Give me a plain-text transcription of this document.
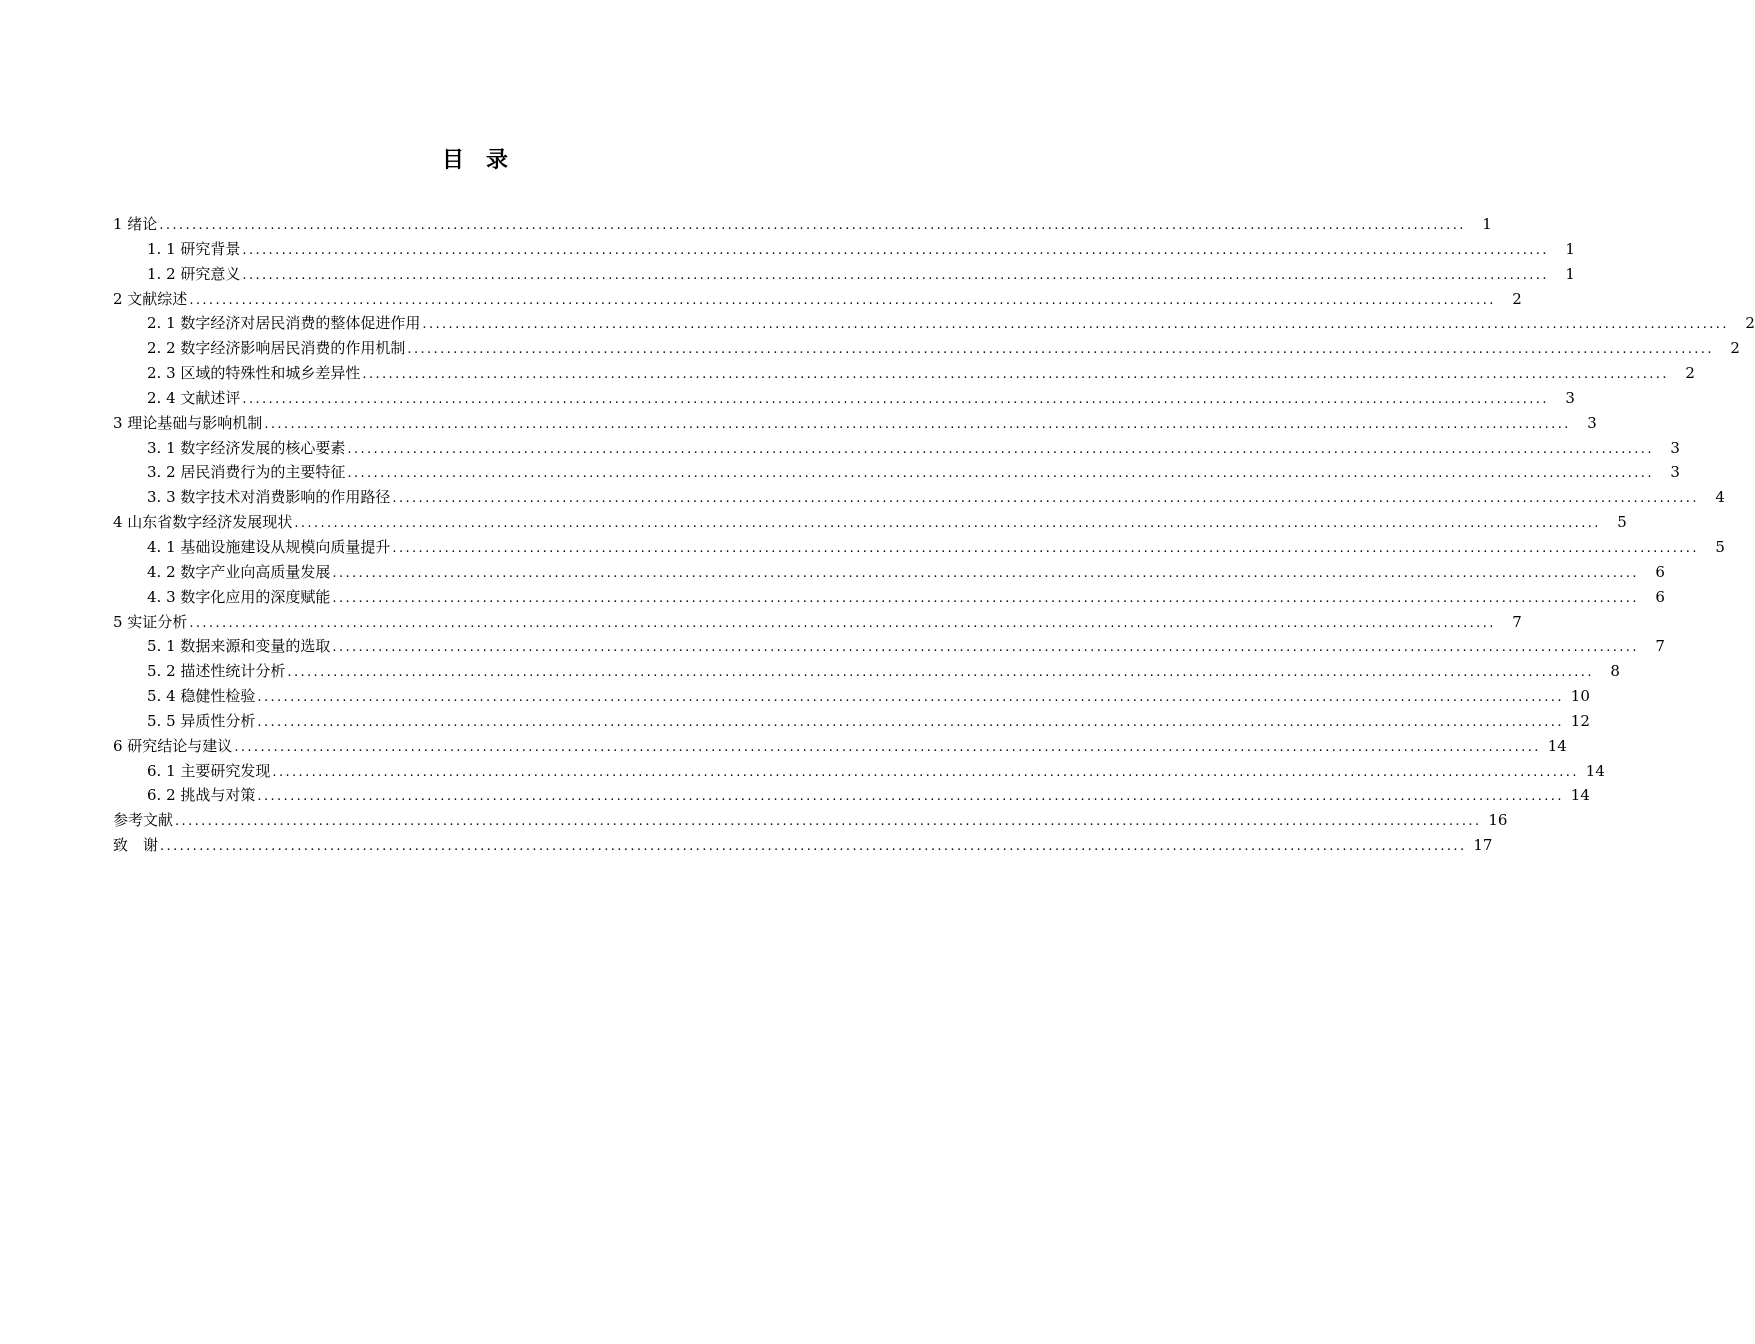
目　录
1 绪论 ........................................................................................................................................................................................................	1
1. 1 研究背景 ........................................................................................................................................................................................................	1
1. 2 研究意义 ........................................................................................................................................................................................................	1
2 文献综述 ........................................................................................................................................................................................................	2
2. 1 数字经济对居民消费的整体促进作用 ........................................................................................................................................................................................................	2
2. 2 数字经济影响居民消费的作用机制 ........................................................................................................................................................................................................	2
2. 3 区域的特殊性和城乡差异性 ........................................................................................................................................................................................................	2
2. 4 文献述评 ........................................................................................................................................................................................................	3
3 理论基础与影响机制 ........................................................................................................................................................................................................	3
3. 1 数字经济发展的核心要素 ........................................................................................................................................................................................................	3
3. 2 居民消费行为的主要特征 ........................................................................................................................................................................................................	3
3. 3 数字技术对消费影响的作用路径 ........................................................................................................................................................................................................	4
4 山东省数字经济发展现状 ........................................................................................................................................................................................................	5
4. 1 基础设施建设从规模向质量提升 ........................................................................................................................................................................................................	5
4. 2 数字产业向高质量发展 ........................................................................................................................................................................................................	6
4. 3 数字化应用的深度赋能 ........................................................................................................................................................................................................	6
5 实证分析 ........................................................................................................................................................................................................	7
5. 1 数据来源和变量的选取 ........................................................................................................................................................................................................	7
5. 2 描述性统计分析 ........................................................................................................................................................................................................	8
5. 4 稳健性检验 ........................................................................................................................................................................................................ 10
5. 5 异质性分析 ........................................................................................................................................................................................................ 12
6 研究结论与建议 ........................................................................................................................................................................................................ 14
6. 1 主要研究发现 ........................................................................................................................................................................................................ 14
6. 2 挑战与对策 ........................................................................................................................................................................................................ 14
参考文献 ........................................................................................................................................................................................................ 16
致　谢 ........................................................................................................................................................................................................ 17
